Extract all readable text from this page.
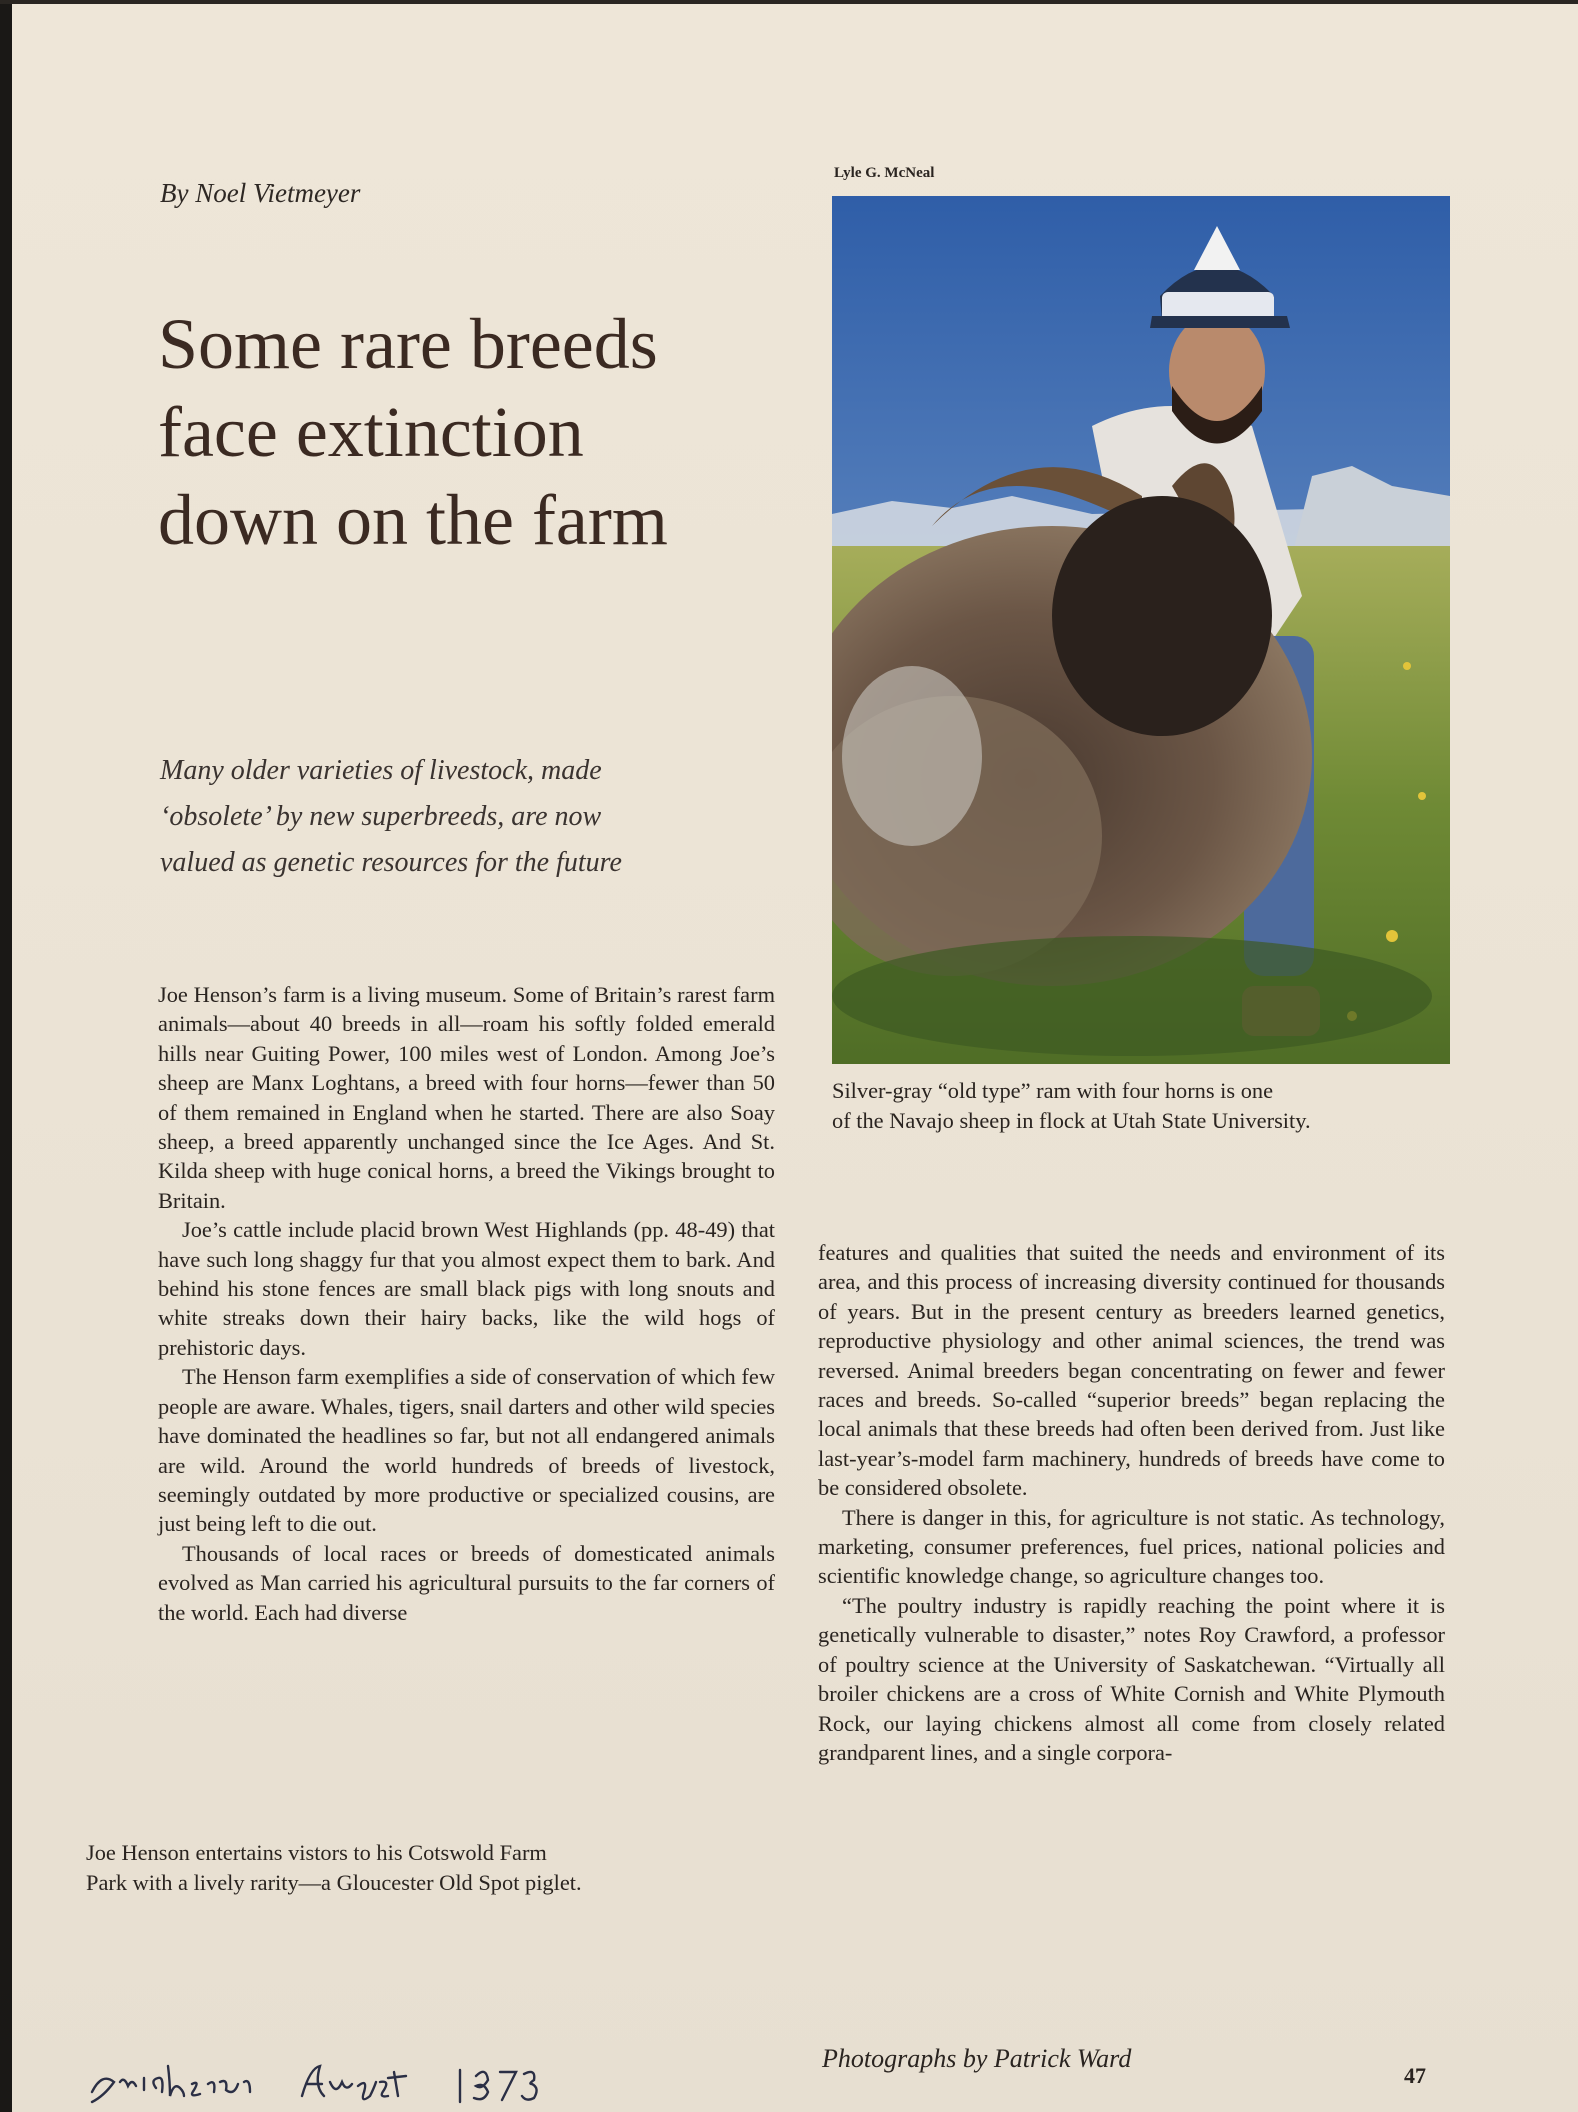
By Noel Vietmeyer
Some rare breeds
face extinction
down on the farm
Many older varieties of livestock, made
‘obsolete’ by new superbreeds, are now
valued as genetic resources for the future

Joe Henson’s farm is a living museum. Some of Britain’s rarest farm animals—about 40 breeds in all—roam his softly folded emerald hills near Guiting Power, 100 miles west of London. Among Joe’s sheep are Manx Loghtans, a breed with four horns—fewer than 50 of them remained in England when he started. There are also Soay sheep, a breed apparently unchanged since the Ice Ages. And St. Kilda sheep with huge conical horns, a breed the Vikings brought to Britain.

Joe’s cattle include placid brown West Highlands (pp. 48-49) that have such long shaggy fur that you almost expect them to bark. And behind his stone fences are small black pigs with long snouts and white streaks down their hairy backs, like the wild hogs of prehistoric days.

The Henson farm exemplifies a side of conservation of which few people are aware. Whales, tigers, snail darters and other wild species have dominated the headlines so far, but not all endangered animals are wild. Around the world hundreds of breeds of livestock, seemingly outdated by more productive or specialized cousins, are just being left to die out.

Thousands of local races or breeds of domesticated animals evolved as Man carried his agricultural pursuits to the far corners of the world. Each had diverse

Lyle G. McNeal
Silver-gray “old type” ram with four horns is one
of the Navajo sheep in flock at Utah State University.

features and qualities that suited the needs and environment of its area, and this process of increasing diversity continued for thousands of years. But in the present century as breeders learned genetics, reproductive physiology and other animal sciences, the trend was reversed. Animal breeders began concentrating on fewer and fewer races and breeds. So-called “superior breeds” began replacing the local animals that these breeds had often been derived from. Just like last-year’s-model farm machinery, hundreds of breeds have come to be considered obsolete.

There is danger in this, for agriculture is not static. As technology, marketing, consumer preferences, fuel prices, national policies and scientific knowledge change, so agriculture changes too.

“The poultry industry is rapidly reaching the point where it is genetically vulnerable to disaster,” notes Roy Crawford, a professor of poultry science at the University of Saskatchewan. “Virtually all broiler chickens are a cross of White Cornish and White Plymouth Rock, our laying chickens almost all come from closely related grandparent lines, and a single corpora-

Joe Henson entertains vistors to his Cotswold Farm
Park with a lively rarity—a Gloucester Old Spot piglet.
Photographs by Patrick Ward
47
